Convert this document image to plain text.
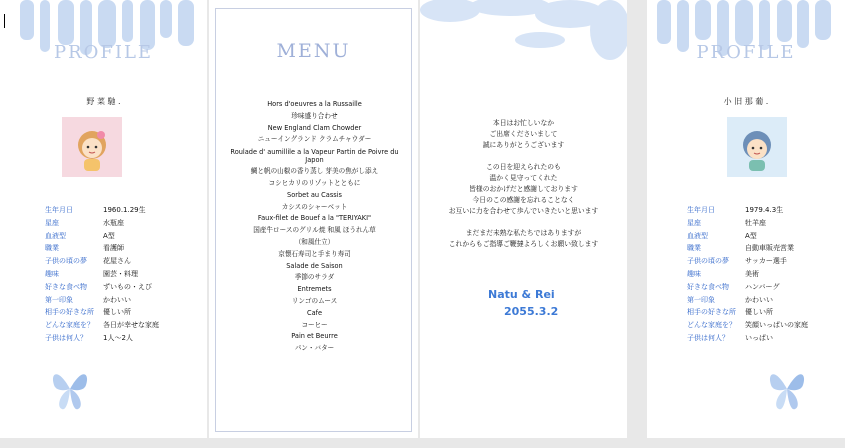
PROFILE
野 菜 馳 .
生年月日	1960.1.29生
星座	水瓶座
血液型	A型
職業	看護師
子供の頃の夢 花屋さん
趣味	園芸・料理
好きな食べ物 ずいもの・えび
第一印象	かわいい
相手の好きな所 優しい所
どんな家庭を？ 各日が幸せな家庭
子供は何人？ 1人～2人
MENU
Hors d'oeuvres a la Russaille
珍味盛り合わせ
New England Clam Chowder
ニューイングランド クラムチャウダー
Roulade d' aumillile a la Vapeur Partin de Poivre du Japon
鯛と帆の山椒の香り蒸し 芽美の焦がし添え
コシヒカリのリゾットとともに
Sorbet au Cassis
カシスのシャーベット
Faux-filet de Bouef a la "TERIYAKI"
国産牛ロースのグリル焼 和風 ほうれん草
（和風仕立）
京懐石寿司と手まり寿司
Salade de Saison
季節のサラダ
Entremets
リンゴのムース
Cafe
コーヒー
Pain et Beurre
パン・バター
本日はお忙しいなか
ご出席くださいまして
誠にありがとうございます
この日を迎えられたのも
温かく見守ってくれた
皆様のおかげだと感謝しております
今日のこの感謝を忘れることなく
お互いに力を合わせて歩んでいきたいと思います
まだまだ未熟な私たちではありますが
これからもご指導ご鞭撻よろしくお願い致します
Natu & Rei
2055.3.2
PROFILE
小 旧 那 葡 .
生年月日	1979.4.3生
星座	牡羊座
血液型	A型
職業	自動車販売営業
子供の頃の夢 サッカー選手
趣味	美術
好きな食べ物 ハンバーグ
第一印象	かわいい
相手の好きな所 優しい所
どんな家庭を？ 笑顔いっぱいの家庭
子供は何人？ いっぱい
